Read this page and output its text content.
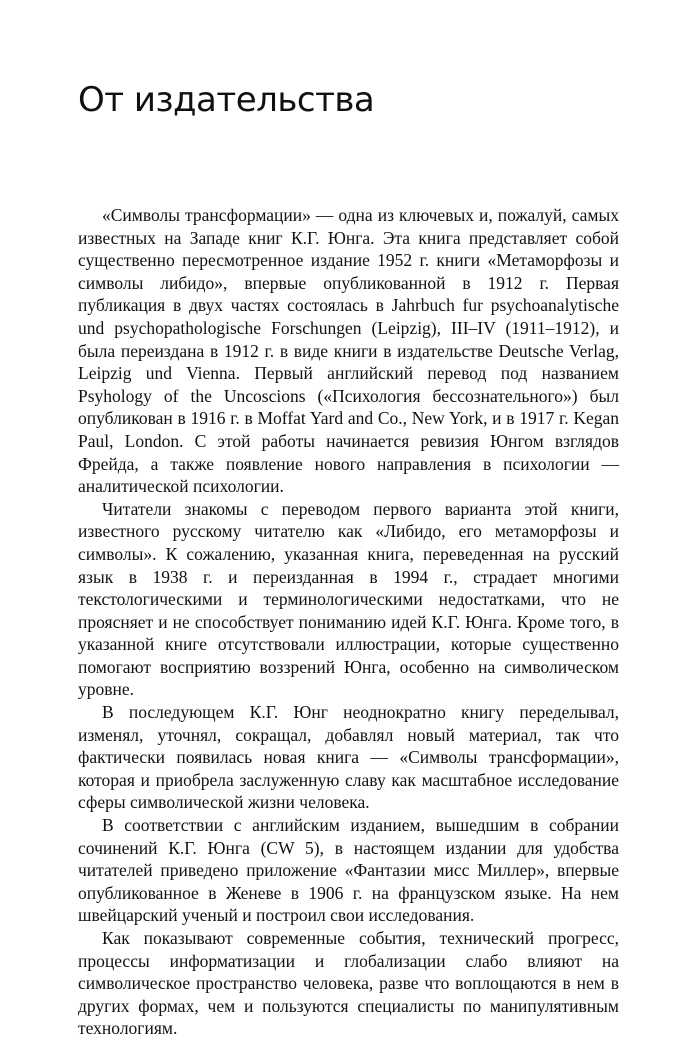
От издательства

«Символы трансформации» — одна из ключевых и, пожалуй, самых известных на Западе книг К.Г. Юнга. Эта книга представляет собой существенно пересмотренное издание 1952 г. книги «Метаморфозы и символы либидо», впервые опубликованной в 1912 г. Первая публикация в двух частях состоялась в Jahrbuch fur psychoanalytische und psychopathologische Forschungen (Leipzig), III–IV (1911–1912), и была переиздана в 1912 г. в виде книги в издательстве Deutsche Verlag, Leipzig und Vienna. Первый английский перевод под названием Psyhology of the Uncoscions («Психология бессознательного») был опубликован в 1916 г. в Moffat Yard and Co., New York, и в 1917 г. Kegan Paul, London. С этой работы начинается ревизия Юнгом взглядов Фрейда, а также появление нового направления в психологии — аналитической психологии.

Читатели знакомы с переводом первого варианта этой книги, известного русскому читателю как «Либидо, его метаморфозы и символы». К сожалению, указанная книга, переведенная на русский язык в 1938 г. и переизданная в 1994 г., страдает многими текстологическими и терминологическими недостатками, что не проясняет и не способствует пониманию идей К.Г. Юнга. Кроме того, в указанной книге отсутствовали иллюстрации, которые существенно помогают восприятию воззрений Юнга, особенно на символическом уровне.

В последующем К.Г. Юнг неоднократно книгу переделывал, изменял, уточнял, сокращал, добавлял новый материал, так что фактически появилась новая книга — «Символы трансформации», которая и приобрела заслуженную славу как масштабное исследование сферы символической жизни человека.

В соответствии с английским изданием, вышедшим в собрании сочинений К.Г. Юнга (CW 5), в настоящем издании для удобства читателей приведено приложение «Фантазии мисс Миллер», впервые опубликованное в Женеве в 1906 г. на французском языке. На нем швейцарский ученый и построил свои исследования.

Как показывают современные события, технический прогресс, процессы информатизации и глобализации слабо влияют на символическое пространство человека, разве что воплощаются в нем в других формах, чем и пользуются специалисты по манипулятивным технологиям.
